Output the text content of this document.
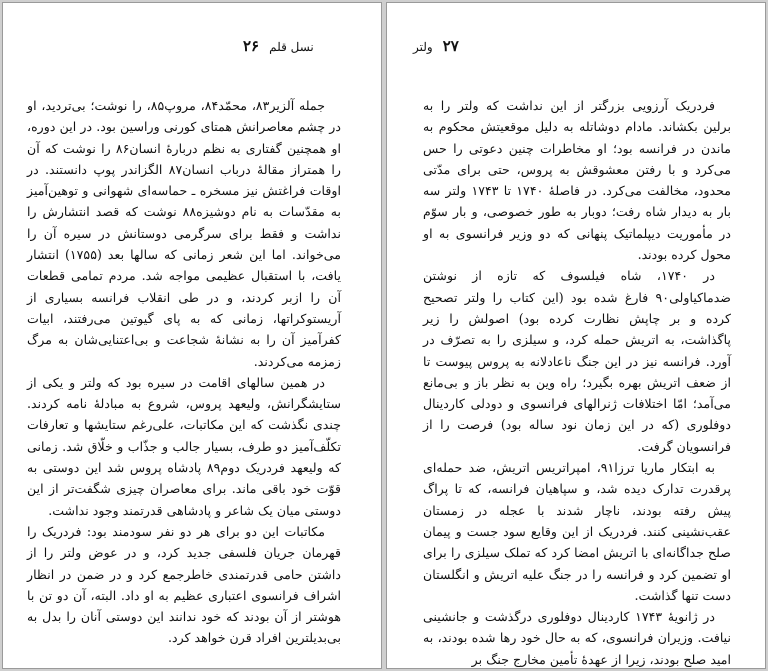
۲۶ نسل قلم

جمله آلزیر۸۳، محمّد۸۴، مروپ۸۵، را نوشت؛ بی‌تردید، او در چشم معاصرانش همتای کورنی وراسین بود. در این دوره، او همچنین گفتاری به نظم دربارهٔ انسان۸۶ را نوشت که آن را همتراز مقالهٔ درباب انسان۸۷ الگزاندر پوپ دانستند. در اوقات فراغتش نیز مسخره ـ حماسه‌ای شهوانی و توهین‌آمیز به مقدّسات به نام دوشیزه۸۸ نوشت که قصد انتشارش را نداشت و فقط برای سرگرمی دوستانش در سیره آن را می‌خواند. اما این شعر زمانی که سالها بعد (۱۷۵۵) انتشار یافت، با استقبال عظیمی مواجه شد. مردم تمامی قطعات آن را ازبر کردند، و در طی انقلاب فرانسه بسیاری از آریستوکراتها، زمانی که به پای گیوتین می‌رفتند، ابیات کفرآمیز آن را به نشانهٔ شجاعت و بی‌اعتنایی‌شان به مرگ زمزمه می‌کردند.

در همین سالهای اقامت در سیره بود که ولتر و یکی از ستایشگرانش، ولیعهد پروس، شروع به مبادلهٔ نامه کردند. چندی نگذشت که این مکاتبات، علی‌رغم ستایشها و تعارفات تکلّف‌آمیز دو طرف، بسیار جالب و جذّاب و خلّاق شد. زمانی که ولیعهد فردریک دوم۸۹ پادشاه پروس شد این دوستی به قوّت خود باقی ماند. برای معاصران چیزی شگفت‌تر از این دوستی میان یک شاعر و پادشاهی قدرتمند وجود نداشت.

مکاتبات این دو برای هر دو نفر سودمند بود: فردریک را قهرمان جریان فلسفی جدید کرد، و در عوض ولتر را از داشتن حامی قدرتمندی خاطرجمع کرد و در ضمن در انظار اشراف فرانسوی اعتباری عظیم به او داد. البته، آن دو تن با هوشتر از آن بودند که خود ندانند این دوستی آنان را بدل به بی‌بدیلترین افراد قرن خواهد کرد.

ولتر ۲۷

فردریک آرزویی بزرگتر از این نداشت که ولتر را به برلین بکشاند. مادام دوشاتله به دلیل موقعیتش محکوم به ماندن در فرانسه بود؛ او مخاطرات چنین دعوتی را حس می‌کرد و با رفتن معشوقش به پروس، حتی برای مدّتی محدود، مخالفت می‌کرد. در فاصلهٔ ۱۷۴۰ تا ۱۷۴۳ ولتر سه بار به دیدار شاه رفت؛ دوبار به طور خصوصی، و بار سوّم در مأموریت دیپلماتیک پنهانی که دو وزیر فرانسوی به او محول کرده بودند.

در ۱۷۴۰، شاه فیلسوف که تازه از نوشتن ضدماکیاولی۹۰ فارغ شده بود (این کتاب را ولتر تصحیح کرده و بر چاپش نظارت کرده بود) اصولش را زیر پاگذاشت، به اتریش حمله کرد، و سیلزی را به تصرّف در آورد. فرانسه نیز در این جنگ ناعادلانه به پروس پیوست تا از ضعف اتریش بهره بگیرد؛ راه وین به نظر باز و بی‌مانع می‌آمد؛ امّا اختلافات ژنرالهای فرانسوی و دودلی کاردینال دوفلوری (که در این زمان نود ساله بود) فرصت را از فرانسویان گرفت.

به ابتکار ماریا ترزا۹۱، امپراتریس اتریش، ضد حمله‌ای پرقدرت تدارک دیده شد، و سپاهیان فرانسه، که تا پراگ پیش رفته بودند، ناچار شدند با عجله در زمستان عقب‌نشینی کنند. فردریک از این وقایع سود جست و پیمان صلح جداگانه‌ای با اتریش امضا کرد که تملک سیلزی را برای او تضمین کرد و فرانسه را در جنگ علیه اتریش و انگلستان دست تنها گذاشت.

در ژانویهٔ ۱۷۴۳ کاردینال دوفلوری درگذشت و جانشینی نیافت. وزیران فرانسوی، که به حال خود رها شده بودند، به امید صلح بودند، زیرا از عهدهٔ تأمین مخارج جنگ بر
